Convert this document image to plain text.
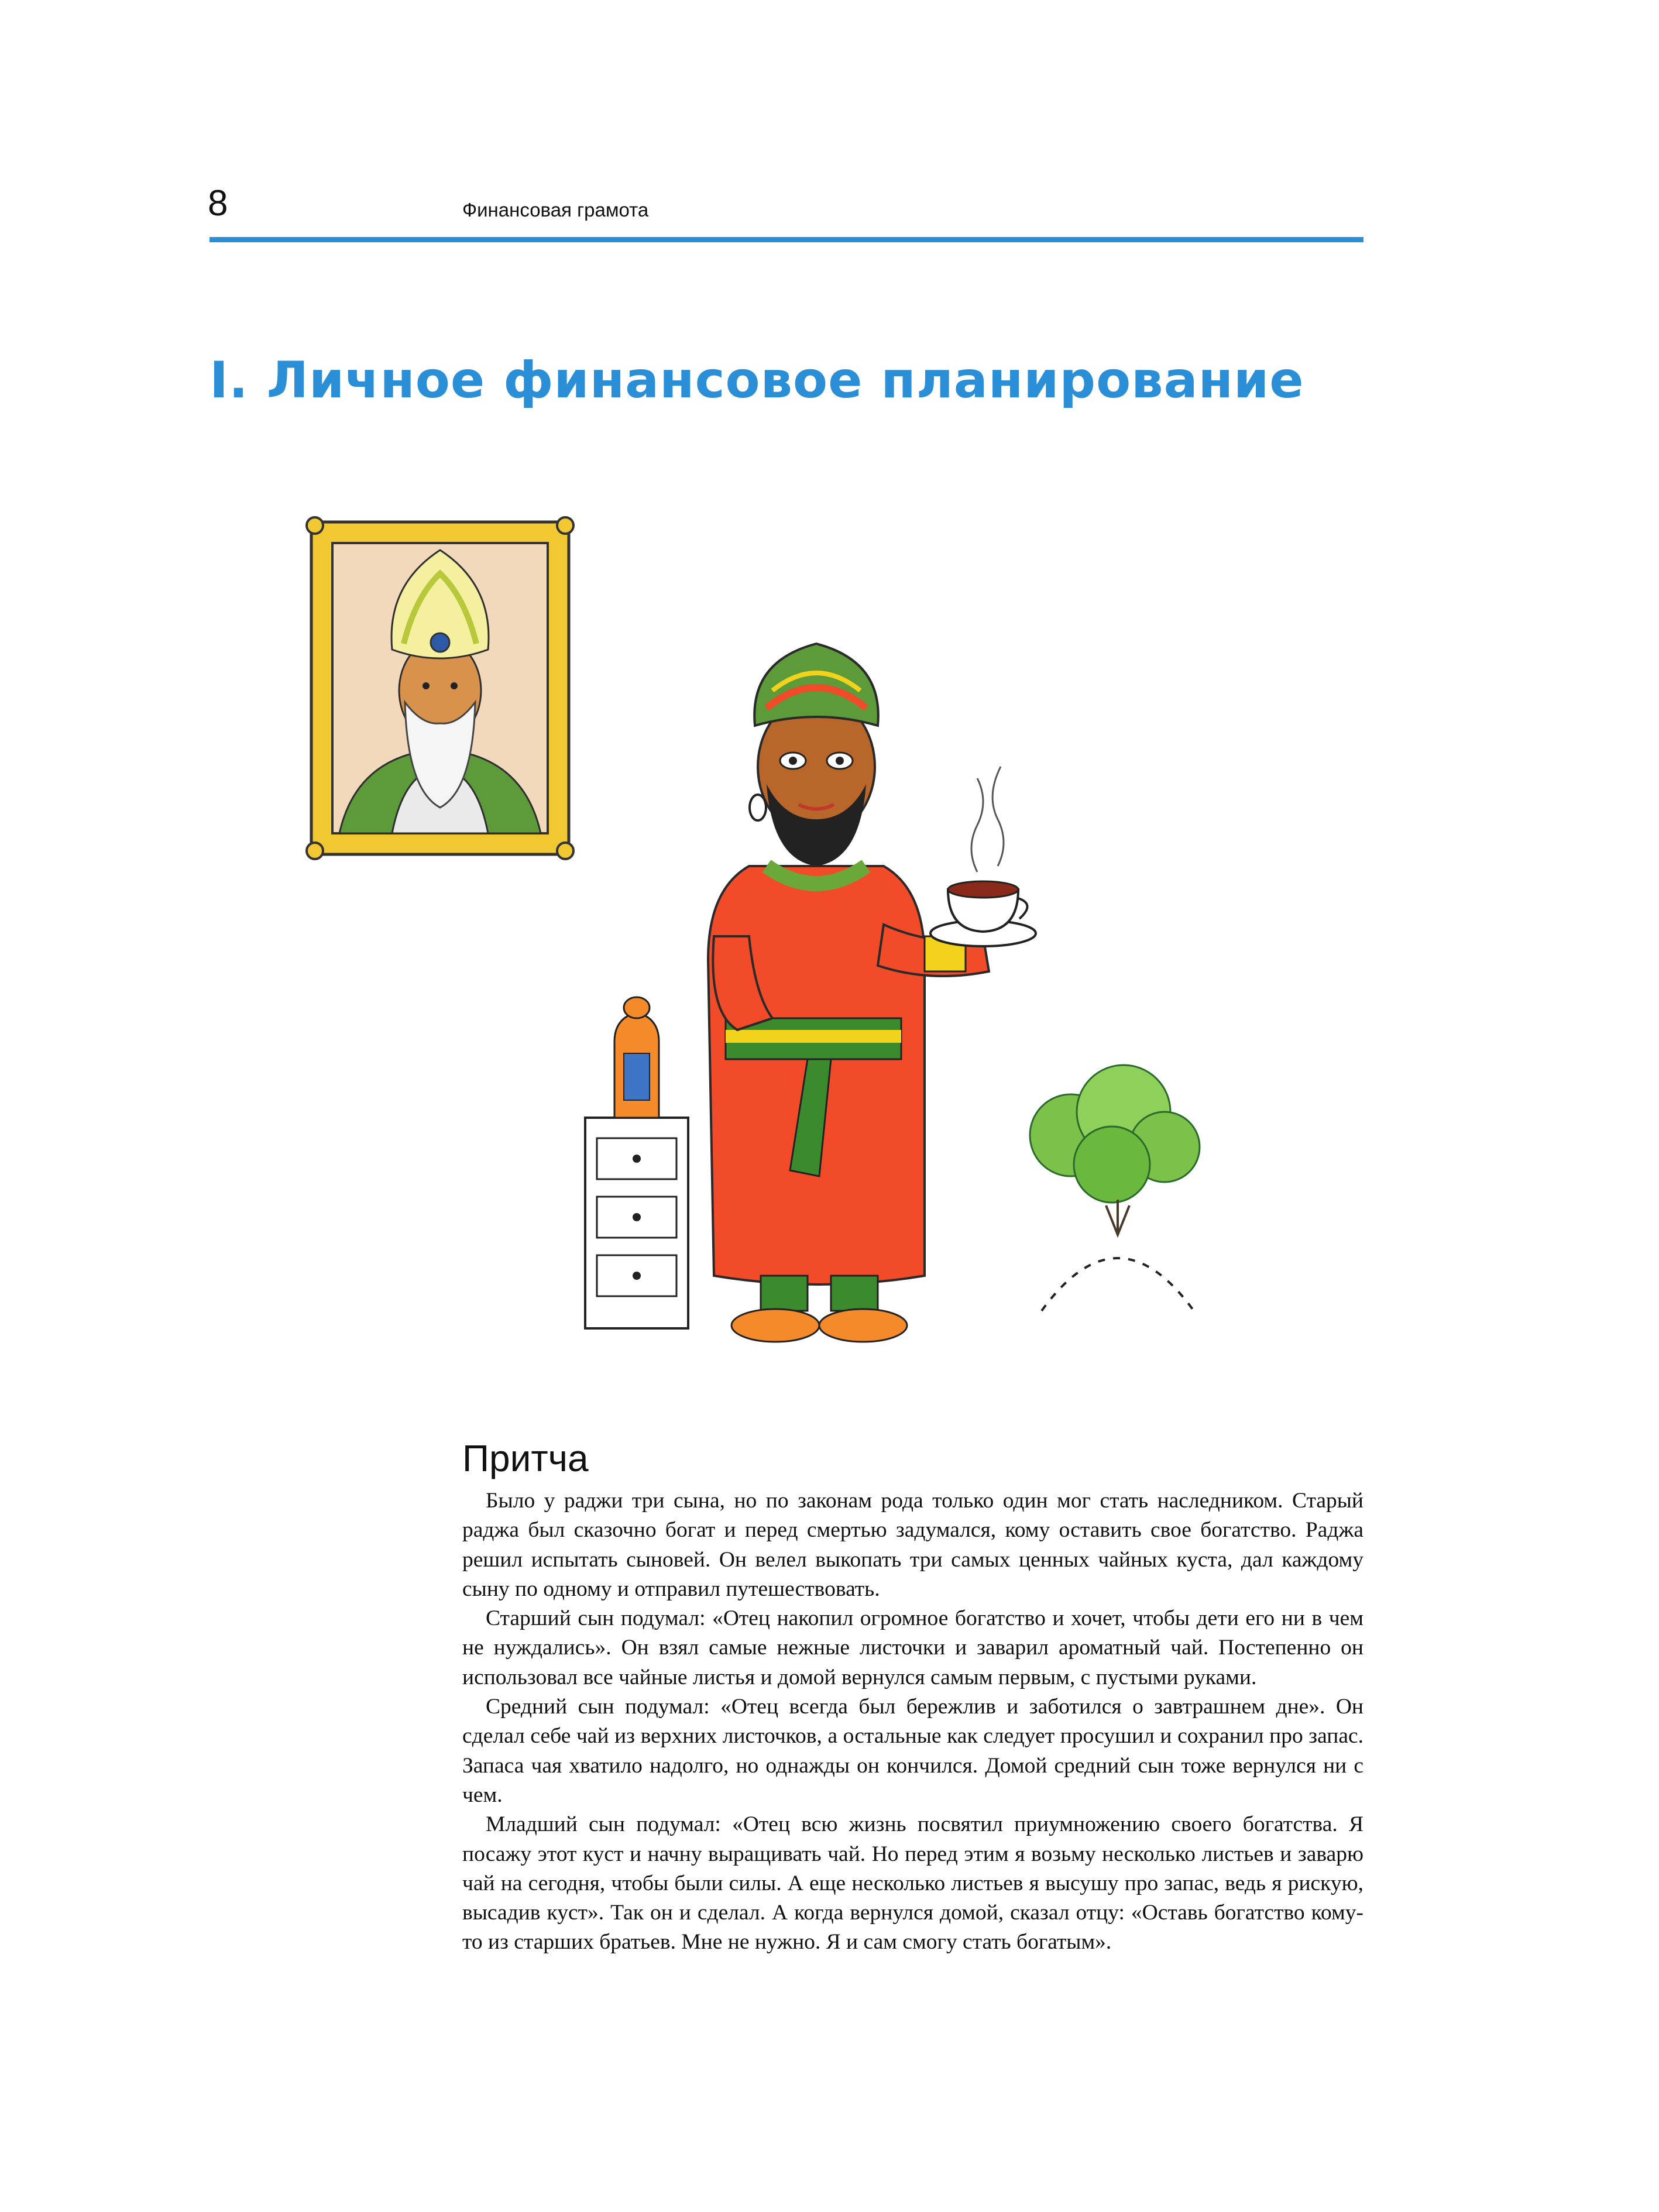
8	Финансовая грамота
I. Личное финансовое планирование
Притча

Было у раджи три сына, но по законам рода только один мог стать наследником. Старый раджа был сказочно богат и перед смертью задумался, кому оставить свое богатство. Раджа решил испытать сыновей. Он велел выкопать три самых ценных чайных куста, дал каждому сыну по одному и отправил путешествовать.

Старший сын подумал: «Отец накопил огромное богатство и хочет, чтобы дети его ни в чем не нуждались». Он взял самые нежные листочки и заварил ароматный чай. Постепенно он использовал все чайные листья и домой вернулся самым первым, с пустыми руками.

Средний сын подумал: «Отец всегда был бережлив и заботился о завтрашнем дне». Он сделал себе чай из верхних листочков, а остальные как следует просушил и сохранил про запас. Запаса чая хватило надолго, но однажды он кончился. Домой средний сын тоже вернулся ни с чем.

Младший сын подумал: «Отец всю жизнь посвятил приумножению своего богатства. Я посажу этот куст и начну выращивать чай. Но перед этим я возьму несколько листьев и заварю чай на сегодня, чтобы были силы. А еще несколько листьев я высушу про запас, ведь я рискую, высадив куст». Так он и сделал. А когда вернулся домой, сказал отцу: «Оставь богатство кому-то из старших братьев. Мне не нужно. Я и сам смогу стать богатым».
